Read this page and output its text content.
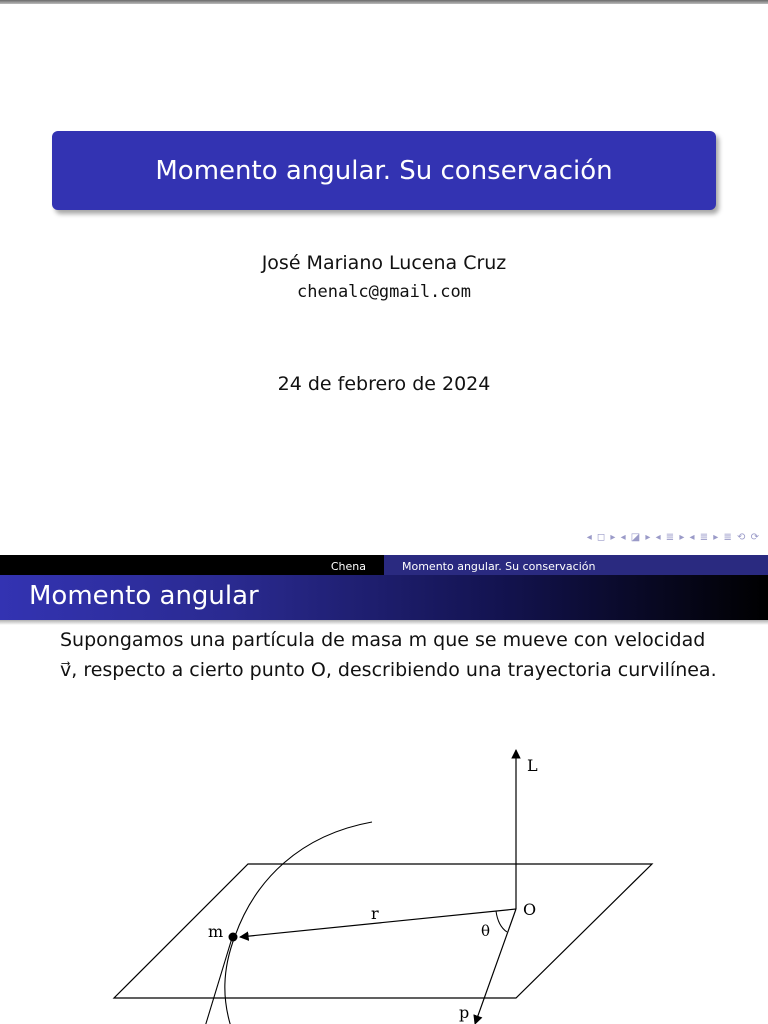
Momento angular. Su conservación
José Mariano Lucena Cruz
chenalc@gmail.com
24 de febrero de 2024
◂ ◻ ▸ ◂ ◪ ▸ ◂ ≣ ▸ ◂ ≣ ▸ ≣ ⟲ ⟳
Chena	Momento angular. Su conservación
Momento angular
Supongamos una partícula de masa m que se mueve con velocidad v⃗, respecto a cierto punto O, describiendo una trayectoria curvilínea.
L
O
r
m	θ
p
